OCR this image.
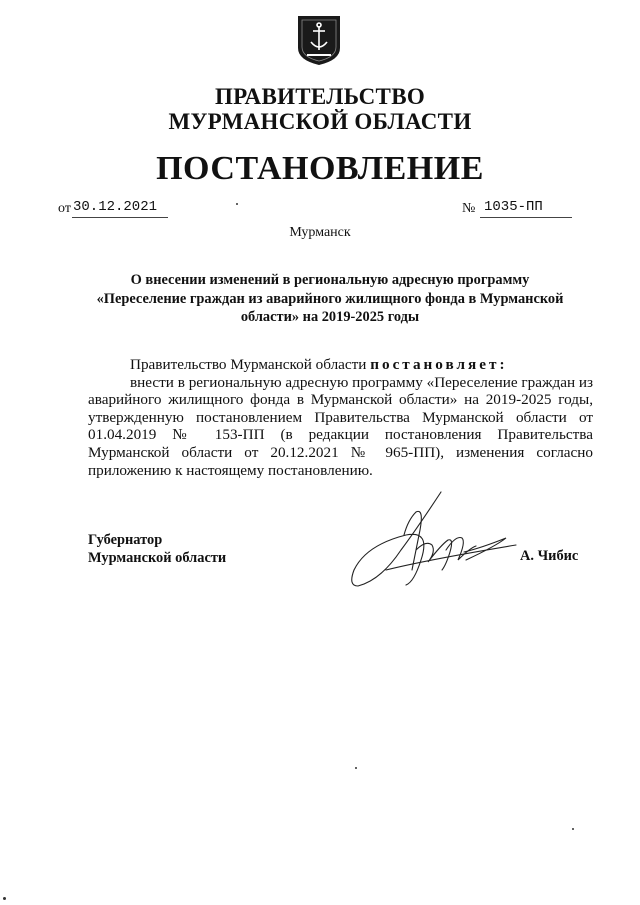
ПРАВИТЕЛЬСТВО
МУРМАНСКОЙ ОБЛАСТИ
ПОСТАНОВЛЕНИЕ
от 30.12.2021	№ 1035-ПП
Мурманск
О внесении изменений в региональную адресную программу
«Переселение граждан из аварийного жилищного фонда в Мурманской
области» на 2019-2025 годы

Правительство Мурманской области постановляет:

внести в региональную адресную программу «Переселение граждан из аварийного жилищного фонда в Мурманской области» на 2019-2025 годы, утвержденную постановлением Правительства Мурманской области от 01.04.2019 № 153-ПП (в редакции постановления Правительства Мурманской области от 20.12.2021 № 965-ПП), изменения согласно приложению к настоящему постановлению.

Губернатор
Мурманской области	А. Чибис
